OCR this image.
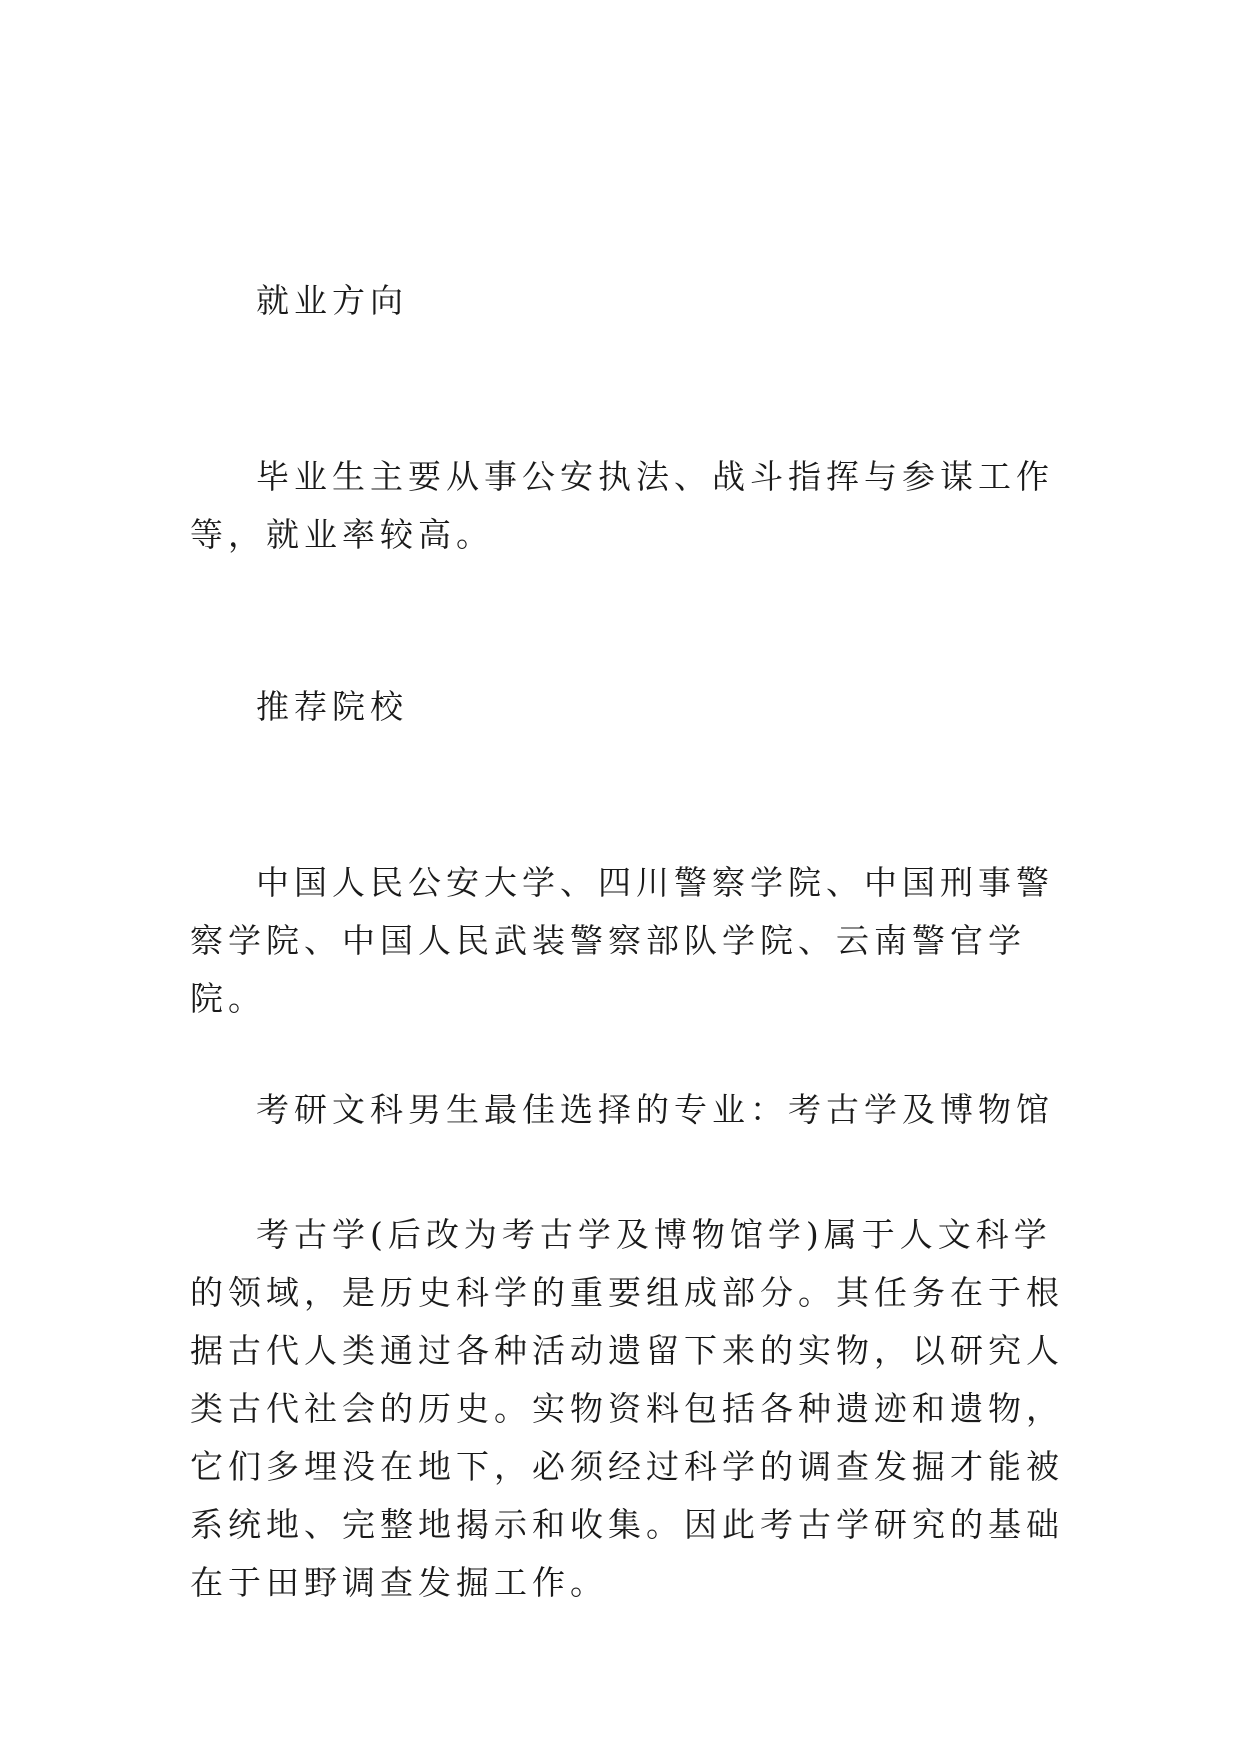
就业方向

毕业生主要从事公安执法、战斗指挥与参谋工作等，就业率较高。

推荐院校

中国人民公安大学、四川警察学院、中国刑事警察学院、中国人民武装警察部队学院、云南警官学院。

考研文科男生最佳选择的专业：考古学及博物馆

考古学(后改为考古学及博物馆学)属于人文科学的领域，是历史科学的重要组成部分。其任务在于根据古代人类通过各种活动遗留下来的实物，以研究人类古代社会的历史。实物资料包括各种遗迹和遗物，它们多埋没在地下，必须经过科学的调查发掘才能被系统地、完整地揭示和收集。因此考古学研究的基础在于田野调查发掘工作。
